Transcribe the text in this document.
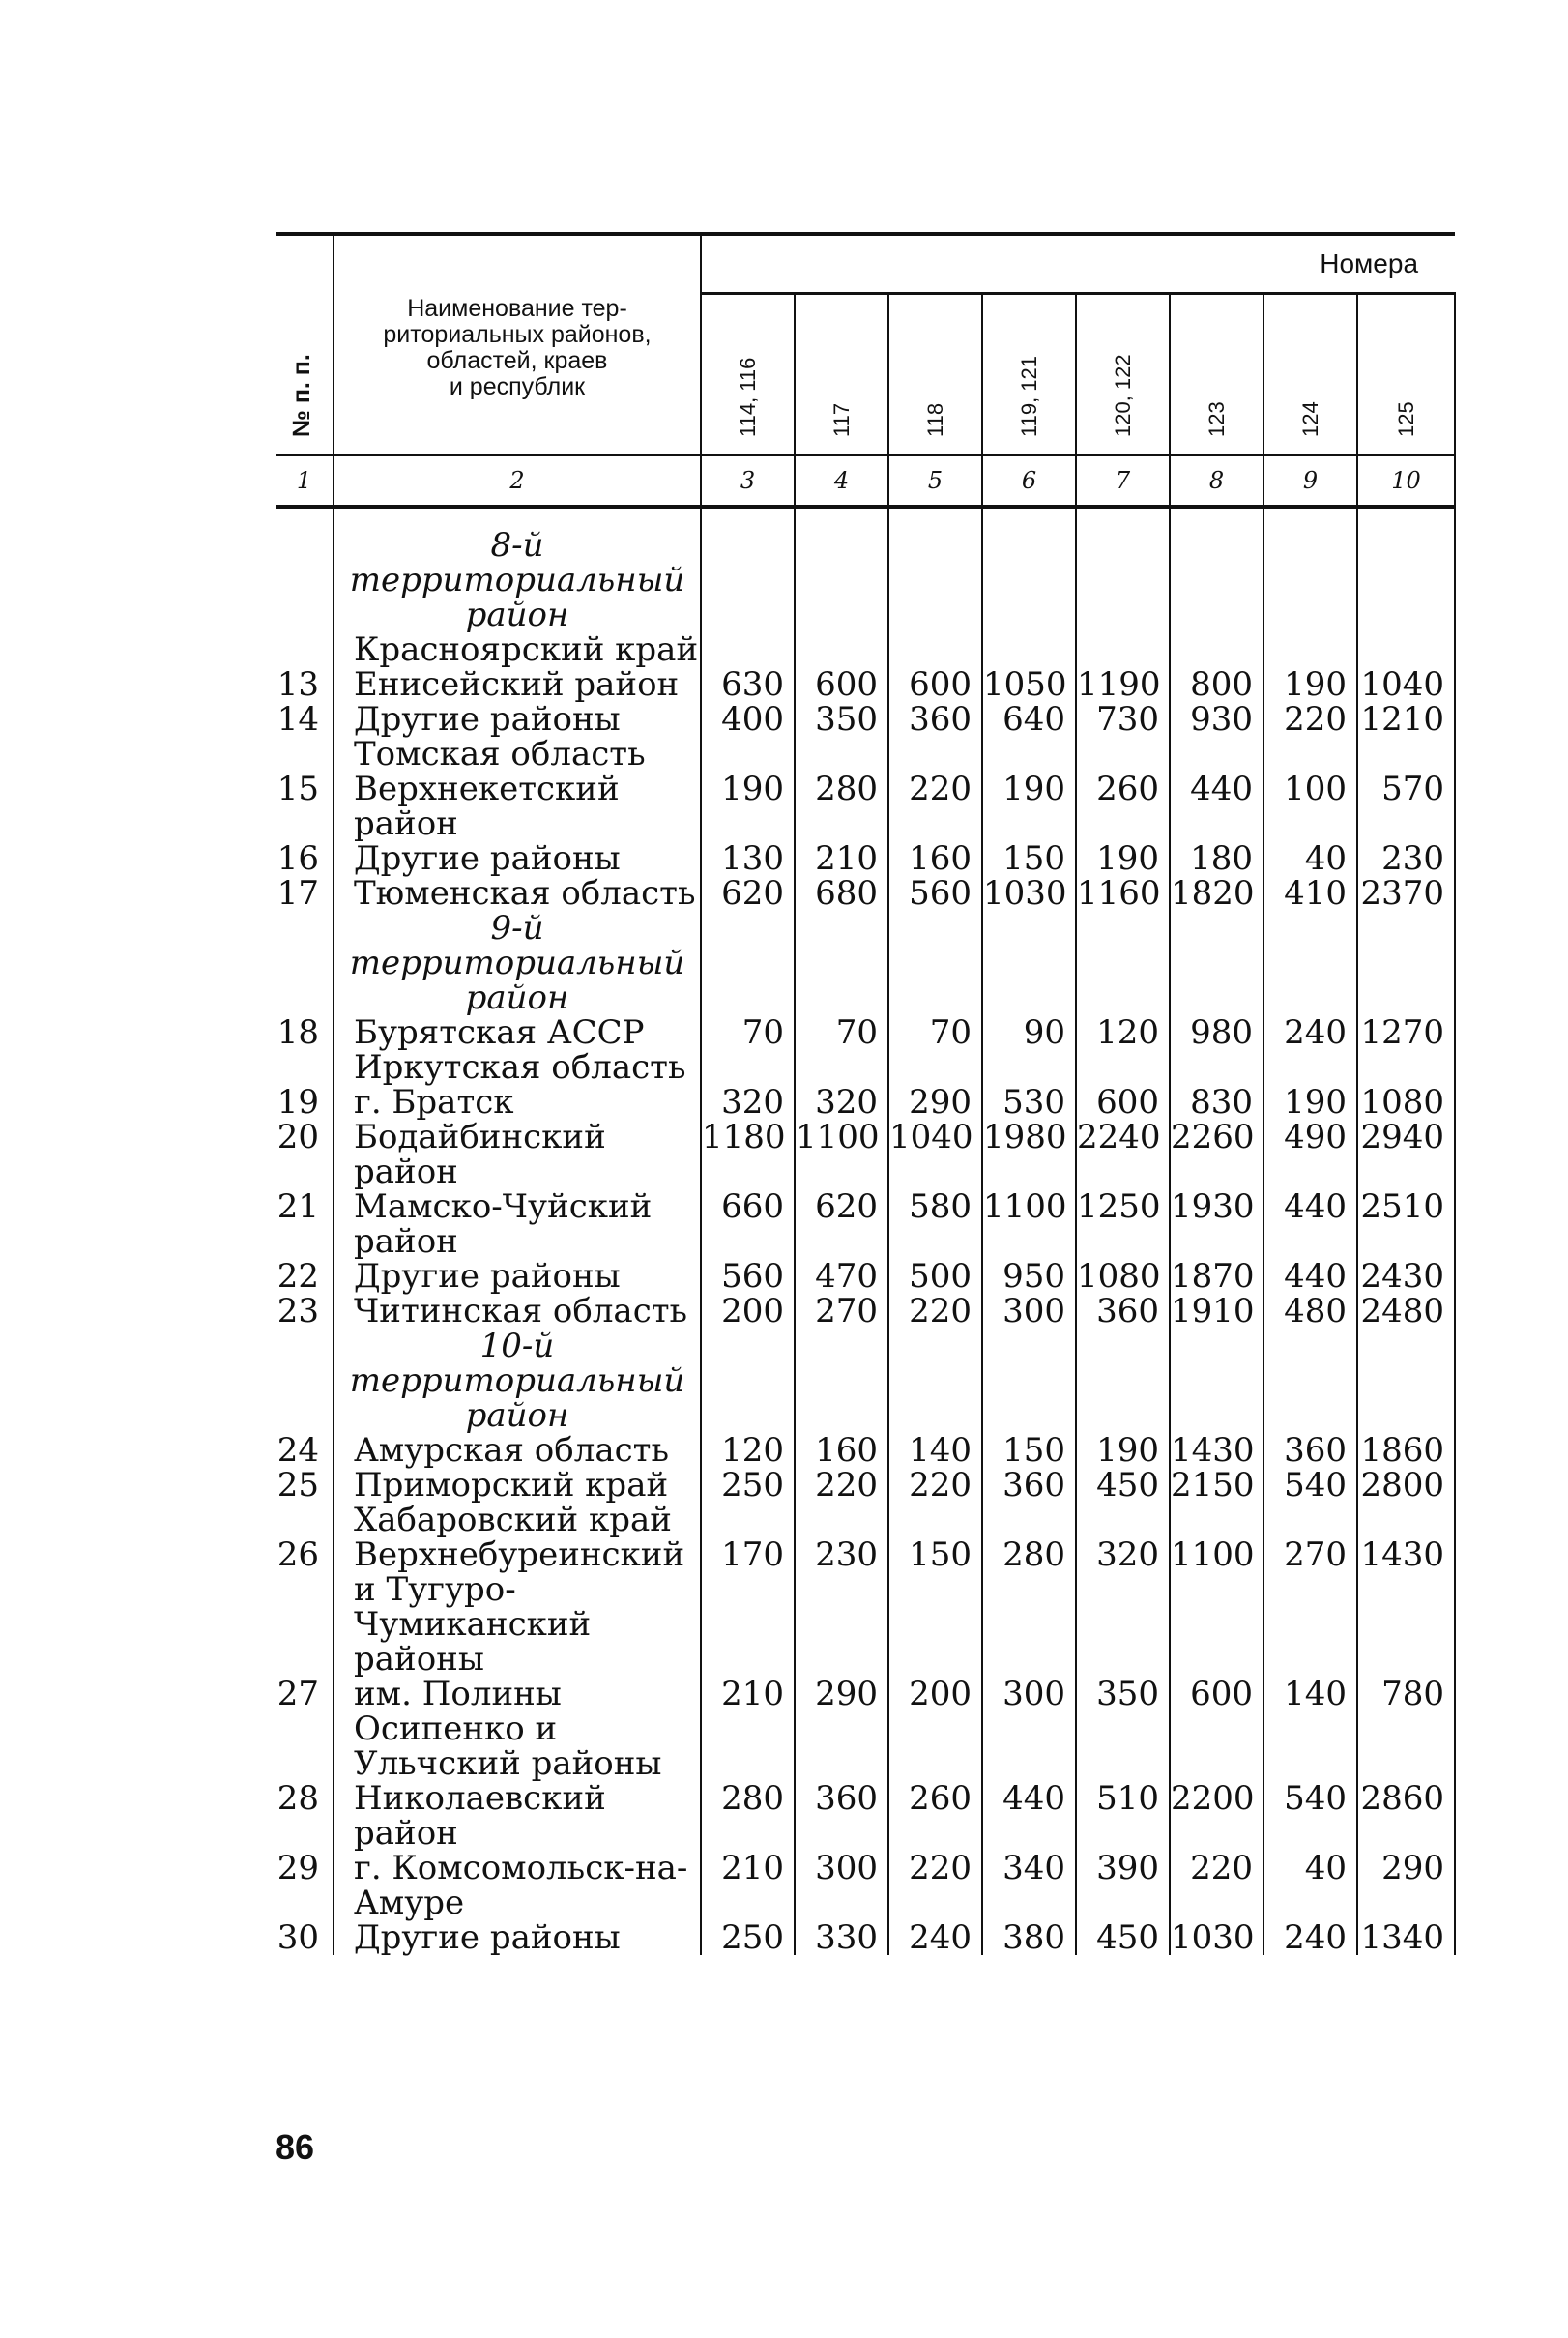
№ п. п.	Наименование тер-
риториальных районов,
областей, краев
и республик	Номера							

		114, 116	117	118	119, 121	120, 122	123	124	125

1	2	3	4	5	6	7	8	9	10

	8-й территориальный район								
	Красноярский край								
13	Енисейский район	630	600	600	1050	1190	800	190	1040
14	Другие районы	400	350	360	640	730	930	220	1210
	Томская область								
15	Верхнекетский район	190	280	220	190	260	440	100	570
16	Другие районы	130	210	160	150	190	180	40	230
17	Тюменская область	620	680	560	1030	1160	1820	410	2370
	9-й территориальный район								
18	Бурятская АССР	70	70	70	90	120	980	240	1270
	Иркутская область								
19	г. Братск	320	320	290	530	600	830	190	1080
20	Бодайбинский район	1180	1100	1040	1980	2240	2260	490	2940
21	Мамско-Чуйский район	660	620	580	1100	1250	1930	440	2510
22	Другие районы	560	470	500	950	1080	1870	440	2430
23	Читинская область	200	270	220	300	360	1910	480	2480
	10-й территориальный район								
24	Амурская область	120	160	140	150	190	1430	360	1860
25	Приморский край	250	220	220	360	450	2150	540	2800
	Хабаровский край								
26	Верхнебуреинский и Тугуро-Чумиканский районы	170	230	150	280	320	1100	270	1430
27	им. Полины Осипенко и Ульчский районы	210	290	200	300	350	600	140	780
28	Николаевский район	280	360	260	440	510	2200	540	2860
29	г. Комсомольск-на-Амуре	210	300	220	340	390	220	40	290
30	Другие районы	250	330	240	380	450	1030	240	1340
86
